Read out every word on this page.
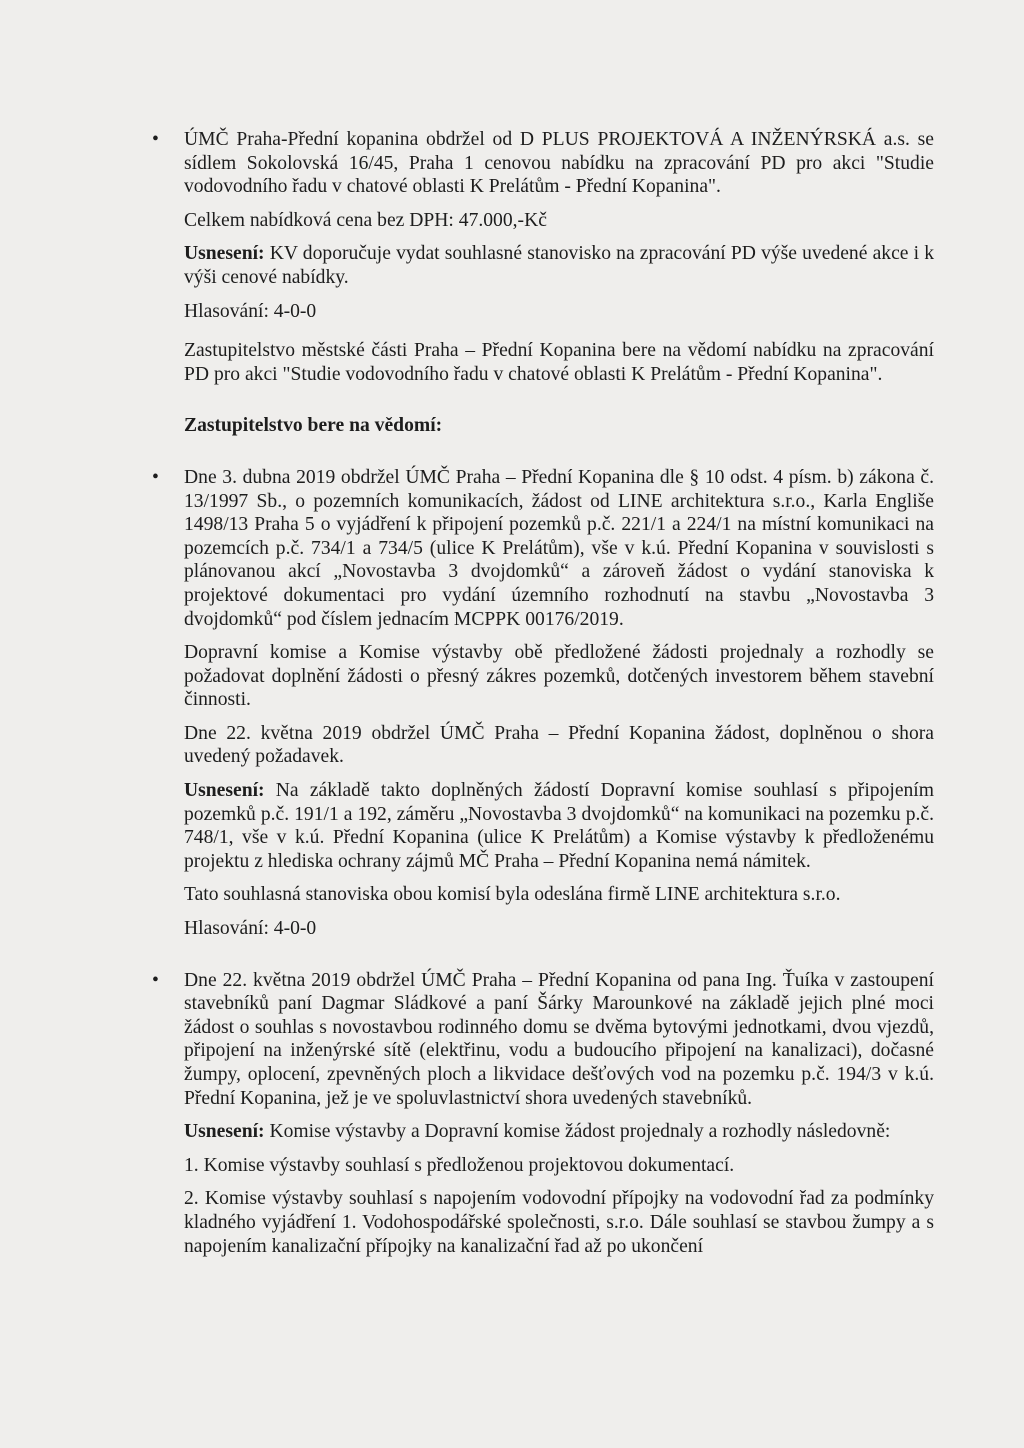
•
ÚMČ Praha-Přední kopanina obdržel od D PLUS PROJEKTOVÁ A INŽENÝRSKÁ a.s. se sídlem Sokolovská 16/45, Praha 1 cenovou nabídku na zpracování PD pro akci "Studie vodovodního řadu v chatové oblasti K Prelátům - Přední Kopanina".

Celkem nabídková cena bez DPH: 47.000,-Kč

Usnesení: KV doporučuje vydat souhlasné stanovisko na zpracování PD výše uvedené akce i k výši cenové nabídky.

Hlasování: 4-0-0

Zastupitelstvo městské části Praha – Přední Kopanina bere na vědomí nabídku na zpracování PD pro akci "Studie vodovodního řadu v chatové oblasti K Prelátům - Přední Kopanina".

Zastupitelstvo bere na vědomí:

•
Dne 3. dubna 2019 obdržel ÚMČ Praha – Přední Kopanina dle § 10 odst. 4 písm. b) zákona č. 13/1997 Sb., o pozemních komunikacích, žádost od LINE architektura s.r.o., Karla Engliše 1498/13 Praha 5 o vyjádření k připojení pozemků p.č. 221/1 a 224/1 na místní komunikaci na pozemcích p.č. 734/1 a 734/5 (ulice K Prelátům), vše v k.ú. Přední Kopanina v souvislosti s plánovanou akcí „Novostavba 3 dvojdomků“ a zároveň žádost o vydání stanoviska k projektové dokumentaci pro vydání územního rozhodnutí na stavbu „Novostavba 3 dvojdomků“ pod číslem jednacím MCPPK 00176/2019.

Dopravní komise a Komise výstavby obě předložené žádosti projednaly a rozhodly se požadovat doplnění žádosti o přesný zákres pozemků, dotčených investorem během stavební činnosti.

Dne 22. května 2019 obdržel ÚMČ Praha – Přední Kopanina žádost, doplněnou o shora uvedený požadavek.

Usnesení: Na základě takto doplněných žádostí Dopravní komise souhlasí s připojením pozemků p.č. 191/1 a 192, záměru „Novostavba 3 dvojdomků“ na komunikaci na pozemku p.č. 748/1, vše v k.ú. Přední Kopanina (ulice K Prelátům) a Komise výstavby k předloženému projektu z hlediska ochrany zájmů MČ Praha – Přední Kopanina nemá námitek.

Tato souhlasná stanoviska obou komisí byla odeslána firmě LINE architektura s.r.o.

Hlasování: 4-0-0

•
Dne 22. května 2019 obdržel ÚMČ Praha – Přední Kopanina od pana Ing. Ťuíka v zastoupení stavebníků paní Dagmar Sládkové a paní Šárky Marounkové na základě jejich plné moci žádost o souhlas s novostavbou rodinného domu se dvěma bytovými jednotkami, dvou vjezdů, připojení na inženýrské sítě (elektřinu, vodu a budoucího připojení na kanalizaci), dočasné žumpy, oplocení, zpevněných ploch a likvidace dešťových vod na pozemku p.č. 194/3 v k.ú. Přední Kopanina, jež je ve spoluvlastnictví shora uvedených stavebníků.

Usnesení: Komise výstavby a Dopravní komise žádost projednaly a rozhodly následovně:

1. Komise výstavby souhlasí s předloženou projektovou dokumentací.

2. Komise výstavby souhlasí s napojením vodovodní přípojky na vodovodní řad za podmínky kladného vyjádření 1. Vodohospodářské společnosti, s.r.o. Dále souhlasí se stavbou žumpy a s napojením kanalizační přípojky na kanalizační řad až po ukončení
